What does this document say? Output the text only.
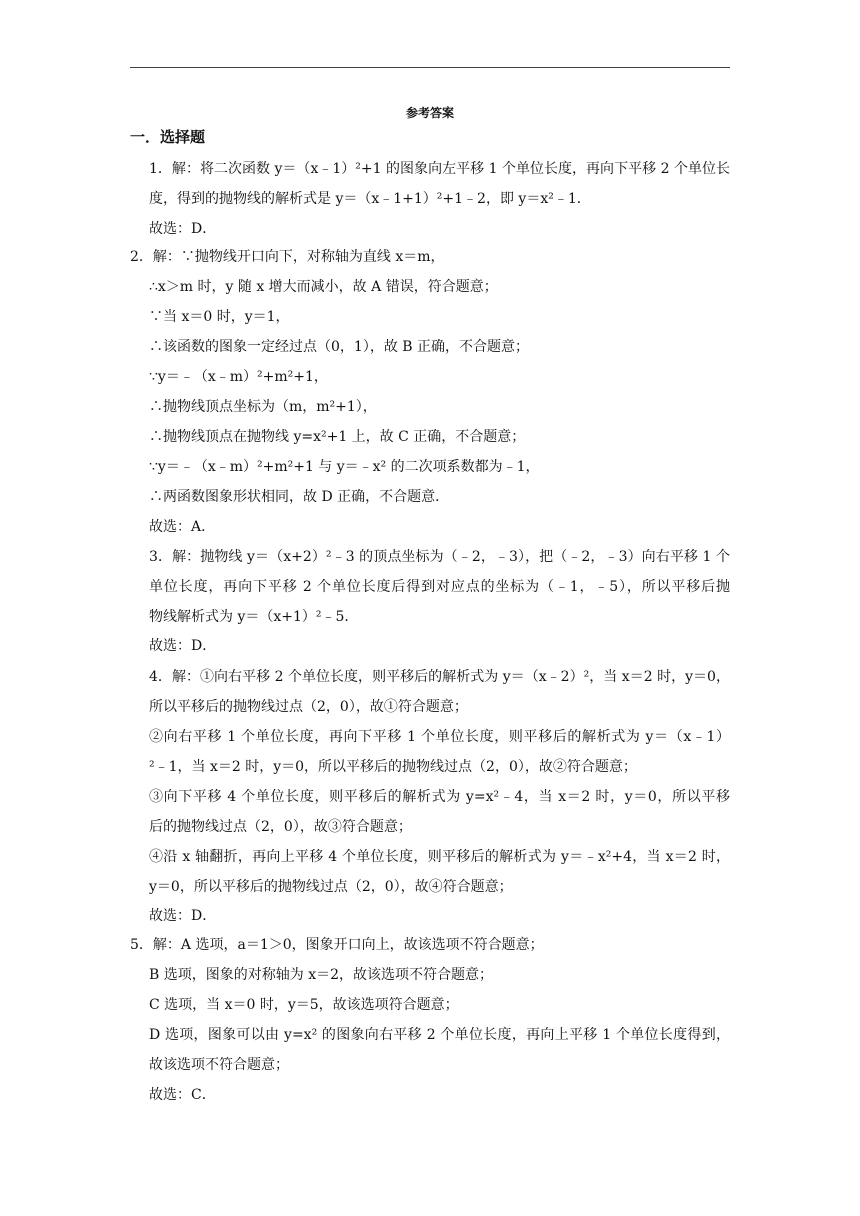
参考答案
一．选择题
1．解：将二次函数 y＝（x﹣1）²+1 的图象向左平移 1 个单位长度，再向下平移 2 个单位长
度，得到的抛物线的解析式是 y＝（x﹣1+1）²+1﹣2，即 y＝x²﹣1．
故选：D．
2．解：∵抛物线开口向下，对称轴为直线 x＝m，
∴x＞m 时，y 随 x 增大而减小，故 A 错误，符合题意；
∵当 x＝0 时，y＝1，
∴该函数的图象一定经过点（0，1），故 B 正确，不合题意；
∵y＝﹣（x﹣m）²+m²+1，
∴抛物线顶点坐标为（m，m²+1），
∴抛物线顶点在抛物线 y=x²+1 上，故 C 正确，不合题意；
∵y＝﹣（x﹣m）²+m²+1 与 y＝﹣x² 的二次项系数都为﹣1，
∴两函数图象形状相同，故 D 正确，不合题意．
故选：A．
3．解：抛物线 y＝（x+2）²﹣3 的顶点坐标为（﹣2，﹣3），把（﹣2，﹣3）向右平移 1 个
单位长度，再向下平移 2 个单位长度后得到对应点的坐标为（﹣1，﹣5），所以平移后抛
物线解析式为 y＝（x+1）²﹣5．
故选：D．
4．解：①向右平移 2 个单位长度，则平移后的解析式为 y＝（x﹣2）²，当 x＝2 时，y＝0，
所以平移后的抛物线过点（2，0），故①符合题意；
②向右平移 1 个单位长度，再向下平移 1 个单位长度，则平移后的解析式为 y＝（x﹣1）
²﹣1，当 x＝2 时，y＝0，所以平移后的抛物线过点（2，0），故②符合题意；
③向下平移 4 个单位长度，则平移后的解析式为 y=x²﹣4，当 x＝2 时，y＝0，所以平移
后的抛物线过点（2，0），故③符合题意；
④沿 x 轴翻折，再向上平移 4 个单位长度，则平移后的解析式为 y＝﹣x²+4，当 x＝2 时，
y＝0，所以平移后的抛物线过点（2，0），故④符合题意；
故选：D．
5．解：A 选项，a＝1＞0，图象开口向上，故该选项不符合题意；
B 选项，图象的对称轴为 x＝2，故该选项不符合题意；
C 选项，当 x＝0 时，y＝5，故该选项符合题意；
D 选项，图象可以由 y=x² 的图象向右平移 2 个单位长度，再向上平移 1 个单位长度得到，
故该选项不符合题意；
故选：C．
